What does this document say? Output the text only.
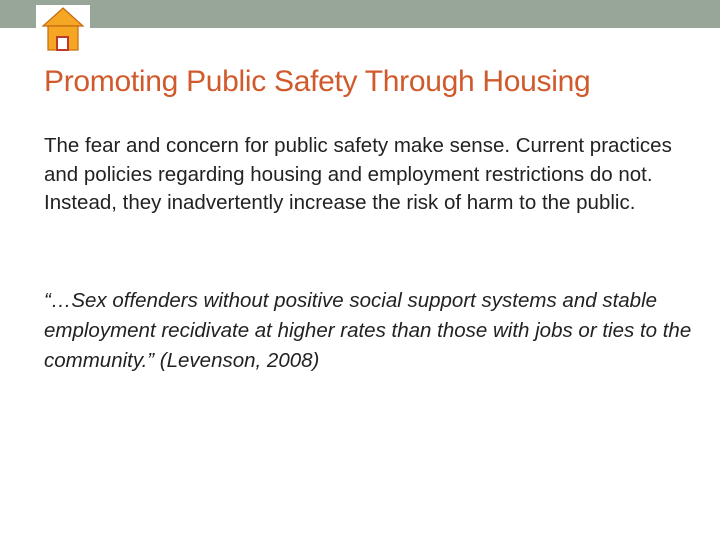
Promoting Public Safety Through Housing
The fear and concern for public safety make sense. Current practices and policies regarding housing and employment restrictions do not. Instead, they inadvertently increase the risk of harm to the public.
“…Sex offenders without positive social support systems and stable employment recidivate at higher rates than those with jobs or ties to the community.” (Levenson, 2008)
